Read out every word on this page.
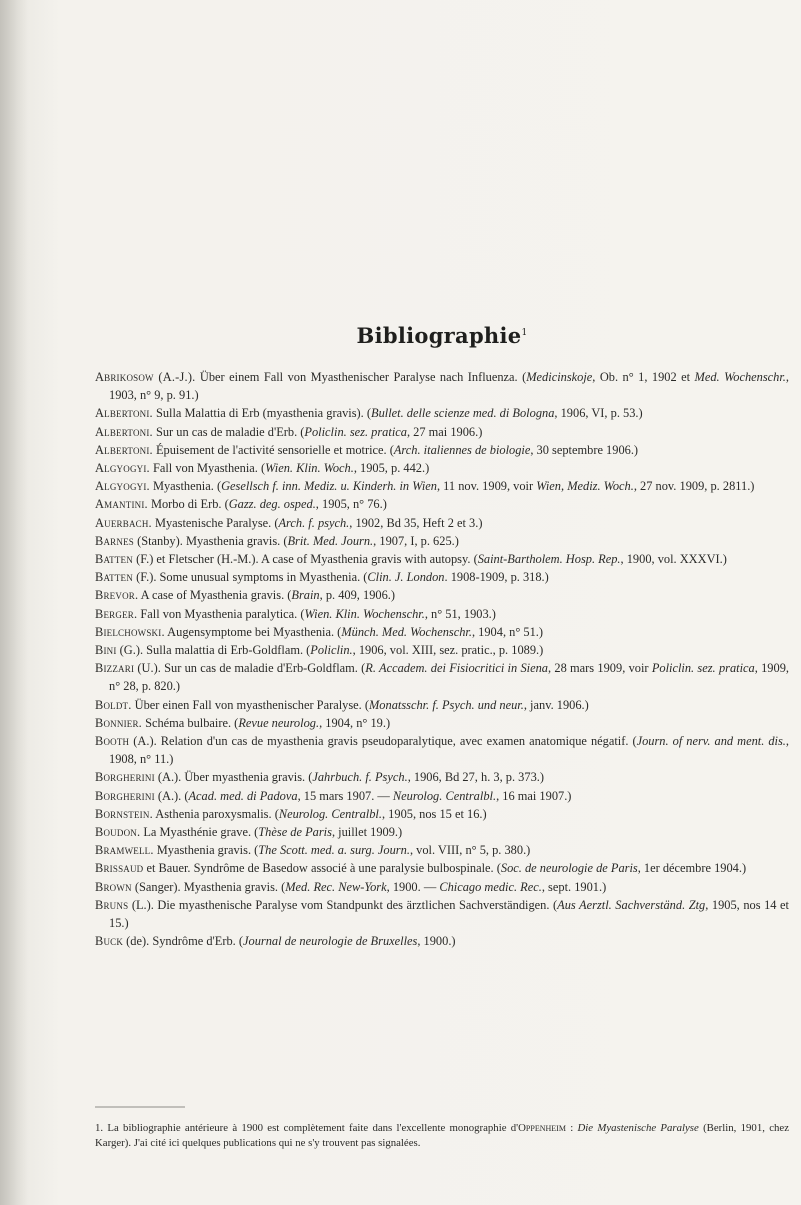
Bibliographie$^1$

Abrikosow (A.-J.). Über einem Fall von Myasthenischer Paralyse nach Influenza. (Medicinskoje, Ob. n° 1, 1902 et Med. Wochenschr., 1903, n° 9, p. 91.)

Albertoni. Sulla Malattia di Erb (myasthenia gravis). (Bullet. delle scienze med. di Bologna, 1906, VI, p. 53.)

Albertoni. Sur un cas de maladie d'Erb. (Policlin. sez. pratica, 27 mai 1906.)

Albertoni. Épuisement de l'activité sensorielle et motrice. (Arch. italiennes de biologie, 30 septembre 1906.)

Algyogyi. Fall von Myasthenia. (Wien. Klin. Woch., 1905, p. 442.)

Algyogyi. Myasthenia. (Gesellsch f. inn. Mediz. u. Kinderh. in Wien, 11 nov. 1909, voir Wien, Mediz. Woch., 27 nov. 1909, p. 2811.)

Amantini. Morbo di Erb. (Gazz. deg. osped., 1905, n° 76.)

Auerbach. Myastenische Paralyse. (Arch. f. psych., 1902, Bd 35, Heft 2 et 3.)

Barnes (Stanby). Myasthenia gravis. (Brit. Med. Journ., 1907, I, p. 625.)

Batten (F.) et Fletscher (H.-M.). A case of Myasthenia gravis with autopsy. (Saint-Bartholem. Hosp. Rep., 1900, vol. XXXVI.)

Batten (F.). Some unusual symptoms in Myasthenia. (Clin. J. London. 1908-1909, p. 318.)

Brevor. A case of Myasthenia gravis. (Brain, p. 409, 1906.)

Berger. Fall von Myasthenia paralytica. (Wien. Klin. Wochenschr., n° 51, 1903.)

Bielchowski. Augensymptome bei Myasthenia. (Münch. Med. Wochenschr., 1904, n° 51.)

Bini (G.). Sulla malattia di Erb-Goldflam. (Policlin., 1906, vol. XIII, sez. pratic., p. 1089.)

Bizzari (U.). Sur un cas de maladie d'Erb-Goldflam. (R. Accadem. dei Fisiocritici in Siena, 28 mars 1909, voir Policlin. sez. pratica, 1909, n° 28, p. 820.)

Boldt. Über einen Fall von myasthenischer Paralyse. (Monatsschr. f. Psych. und neur., janv. 1906.)

Bonnier. Schéma bulbaire. (Revue neurolog., 1904, n° 19.)

Booth (A.). Relation d'un cas de myasthenia gravis pseudoparalytique, avec examen anatomique négatif. (Journ. of nerv. and ment. dis., 1908, n° 11.)

Borgherini (A.). Über myasthenia gravis. (Jahrbuch. f. Psych., 1906, Bd 27, h. 3, p. 373.)

Borgherini (A.). (Acad. med. di Padova, 15 mars 1907. — Neurolog. Centralbl., 16 mai 1907.)

Bornstein. Asthenia paroxysmalis. (Neurolog. Centralbl., 1905, nos 15 et 16.)

Boudon. La Myasthénie grave. (Thèse de Paris, juillet 1909.)

Bramwell. Myasthenia gravis. (The Scott. med. a. surg. Journ., vol. VIII, n° 5, p. 380.)

Brissaud et Bauer. Syndrôme de Basedow associé à une paralysie bulbospinale. (Soc. de neurologie de Paris, 1er décembre 1904.)

Brown (Sanger). Myasthenia gravis. (Med. Rec. New-York, 1900. — Chicago medic. Rec., sept. 1901.)

Bruns (L.). Die myasthenische Paralyse vom Standpunkt des ärztlichen Sachverständigen. (Aus Aerztl. Sachverständ. Ztg, 1905, nos 14 et 15.)

Buck (de). Syndrôme d'Erb. (Journal de neurologie de Bruxelles, 1900.)

1. La bibliographie antérieure à 1900 est complètement faite dans l'excellente monographie d'Oppenheim : Die Myastenische Paralyse (Berlin, 1901, chez Karger). J'ai cité ici quelques publications qui ne s'y trouvent pas signalées.
